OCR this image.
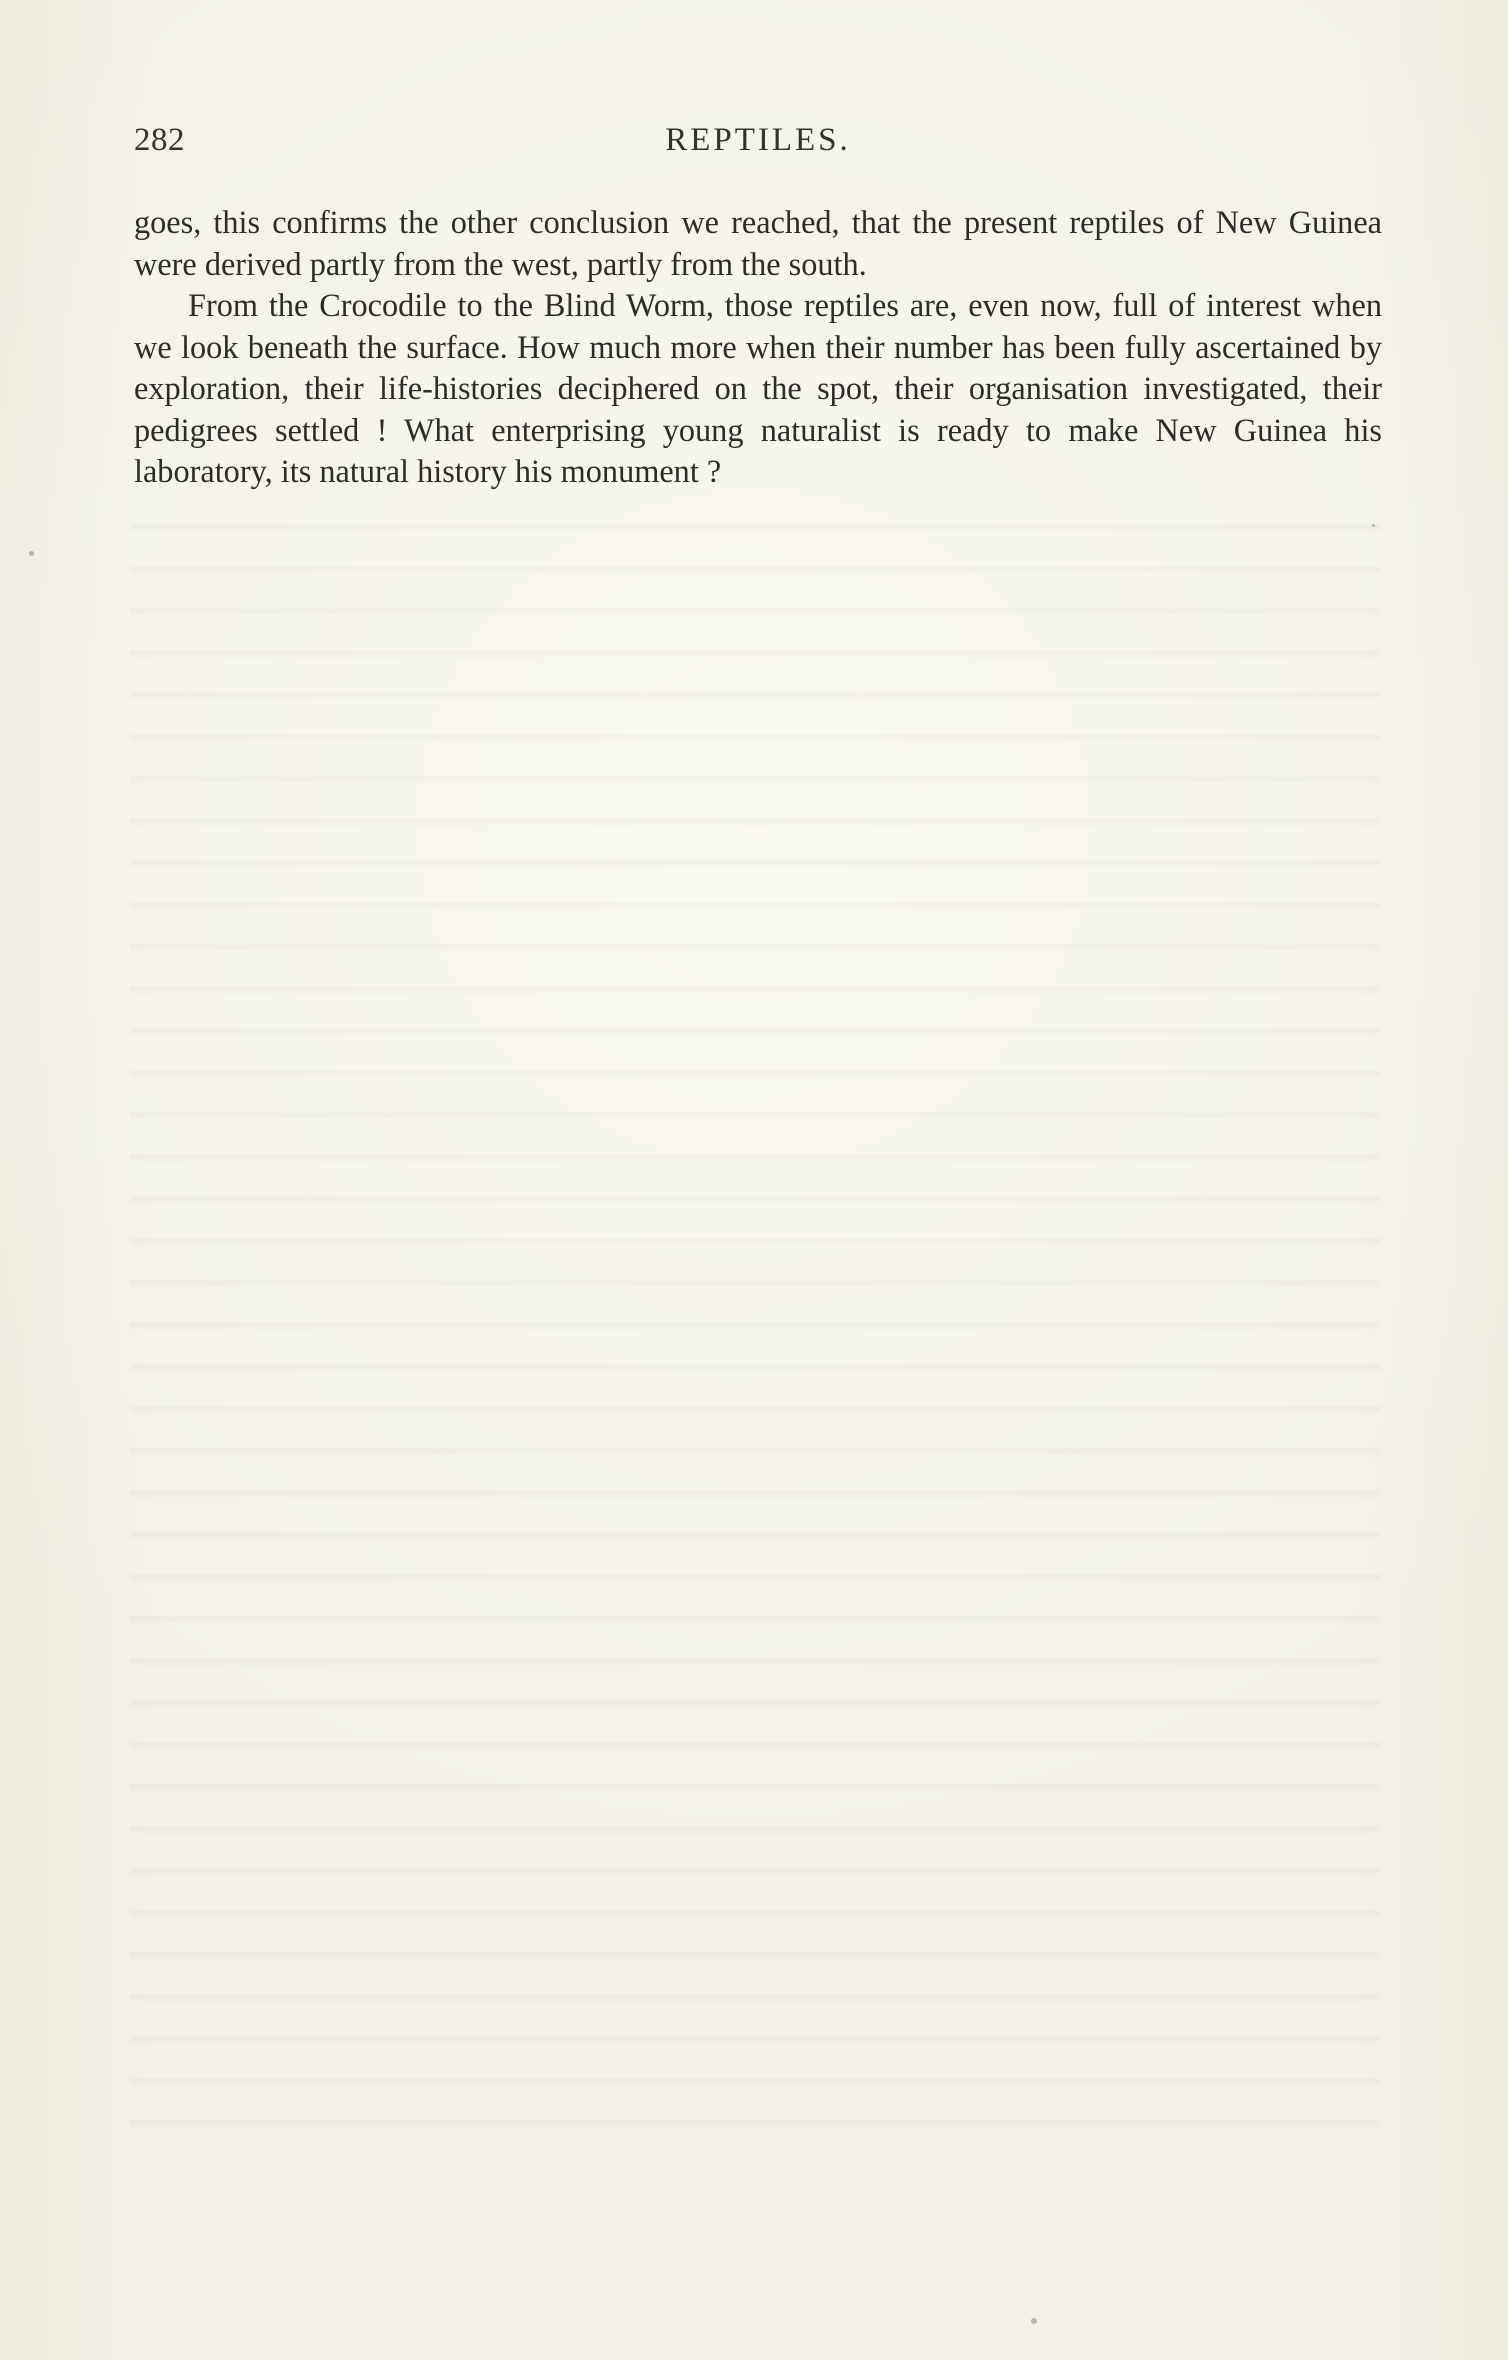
282	REPTILES.

goes, this confirms the other conclusion we reached, that the present reptiles of New Guinea were derived partly from the west, partly from the south.

From the Crocodile to the Blind Worm, those reptiles are, even now, full of interest when we look beneath the surface. How much more when their number has been fully ascertained by exploration, their life-histories deciphered on the spot, their organisation investigated, their pedigrees settled ! What enterprising young naturalist is ready to make New Guinea his laboratory, its natural history his monument ?
